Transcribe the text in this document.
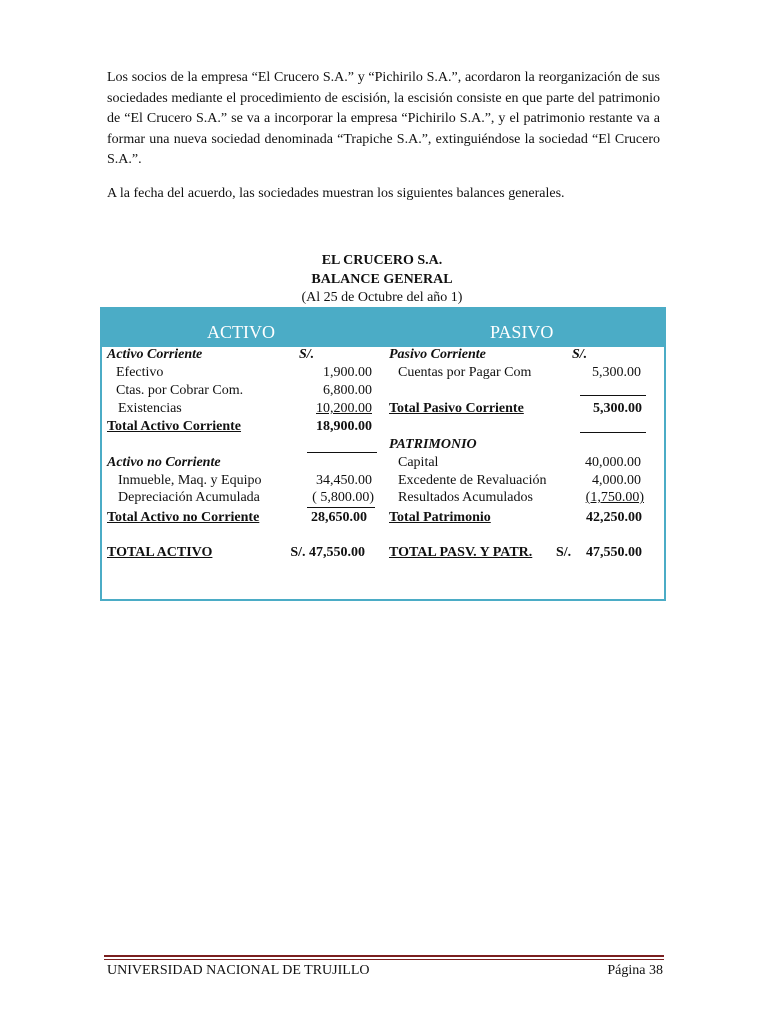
Los socios de la empresa “El Crucero S.A.” y “Pichirilo S.A.”, acordaron la reorganización de sus sociedades mediante el procedimiento de escisión, la escisión consiste en que parte del patrimonio de “El Crucero S.A.” se va a incorporar la empresa “Pichirilo S.A.”, y el patrimonio restante va a formar una nueva sociedad denominada “Trapiche S.A.”, extinguiéndose la sociedad “El Crucero S.A.”.

A la fecha del acuerdo, las sociedades muestran los siguientes balances generales.

EL CRUCERO S.A.
BALANCE GENERAL
(Al 25 de Octubre del año 1)
ACTIVO	PASIVO
Activo Corriente	S/.
Efectivo	1,900.00
Ctas. por Cobrar Com.	6,800.00
Existencias	10,200.00
Total Activo Corriente	18,900.00
Activo no Corriente
Inmueble, Maq. y Equipo	34,450.00
Depreciación Acumulada	( 5,800.00)
Total Activo no Corriente	28,650.00
TOTAL ACTIVO	S/. 47,550.00
Pasivo Corriente	S/.
Cuentas por Pagar Com	5,300.00
Total Pasivo Corriente	5,300.00
PATRIMONIO
Capital	40,000.00
Excedente de Revaluación	4,000.00
Resultados Acumulados	(1,750.00)
Total Patrimonio	42,250.00
TOTAL PASV. Y PATR. S/. 47,550.00
UNIVERSIDAD NACIONAL DE TRUJILLO	Página 38
